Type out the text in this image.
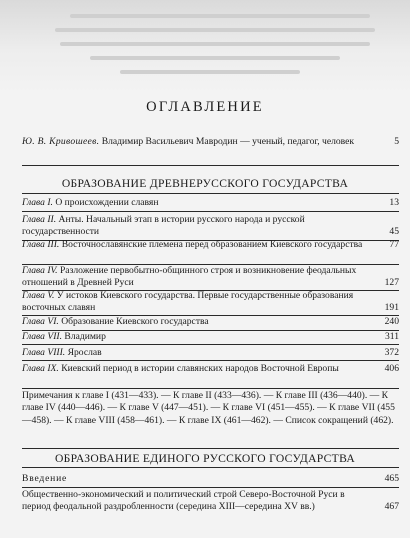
ОГЛАВЛЕНИЕ
Ю. В. Кривошеев. Владимир Васильевич Мавродин — ученый, педагог, человек	5
ОБРАЗОВАНИЕ ДРЕВНЕРУССКОГО ГОСУДАРСТВА
Глава I. О происхождении славян	13
Глава II. Анты. Начальный этап в истории русского народа и русской государственности	45
Глава III. Восточнославянские племена перед образованием Киевского государства	77
Глава IV. Разложение первобытно-общинного строя и возникновение феодальных отношений в Древней Руси	127
Глава V. У истоков Киевского государства. Первые государственные образования восточных славян	191
Глава VI. Образование Киевского государства	240
Глава VII. Владимир	311
Глава VIII. Ярослав	372
Глава IX. Киевский период в истории славянских народов Восточной Европы	406
Примечания к главе I (431—433). — К главе II (433—436). — К главе III (436—440). — К главе IV (440—446). — К главе V (447—451). — К главе VI (451—455). — К главе VII (455—458). — К главе VIII (458—461). — К главе IX (461—462). — Список сокращений (462).
ОБРАЗОВАНИЕ ЕДИНОГО РУССКОГО ГОСУДАРСТВА
Введение	465
Общественно-экономический и политический строй Северо-Восточной Руси в период феодальной раздробленности (середина XIII—середина XV вв.)	467
